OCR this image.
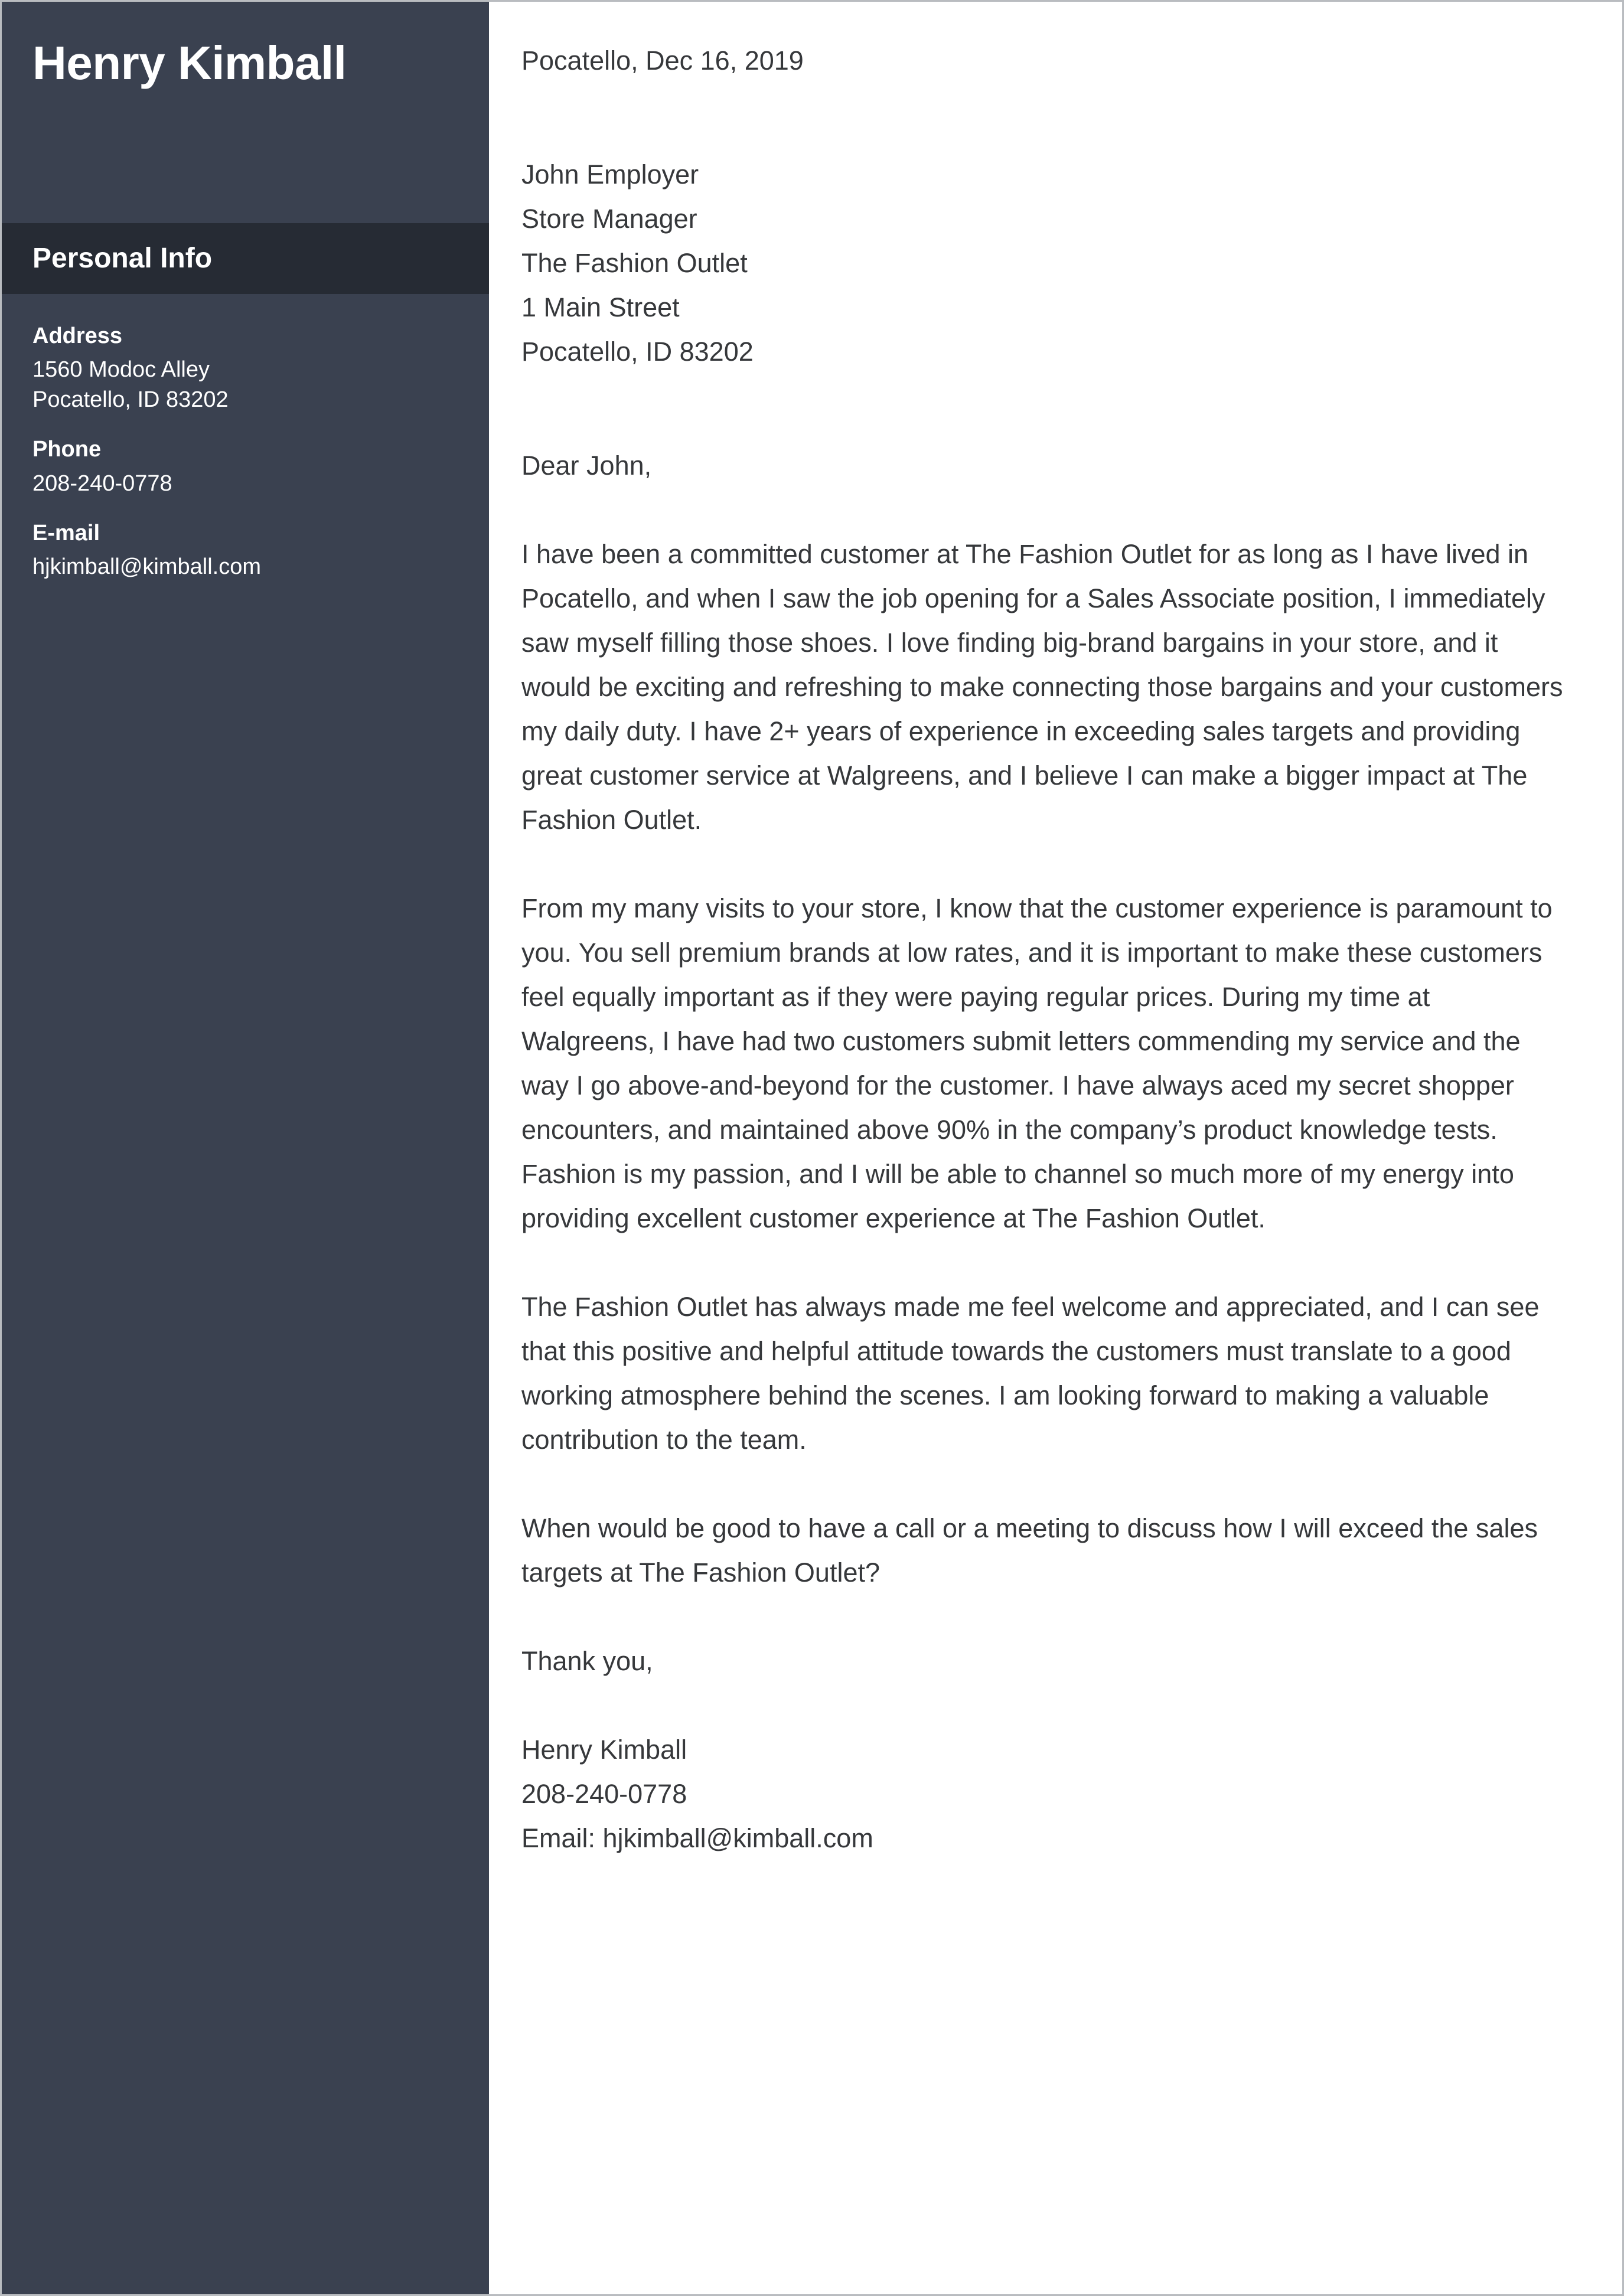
Henry Kimball
Personal Info

Address

1560 Modoc Alley

Pocatello, ID 83202

Phone

208-240-0778

E-mail

hjkimball@kimball.com

Pocatello, Dec 16, 2019

John Employer

Store Manager

The Fashion Outlet

1 Main Street

Pocatello, ID 83202

Dear John,

I have been a committed customer at The Fashion Outlet for as long as I have lived in Pocatello, and when I saw the job opening for a Sales Associate position, I immediately saw myself filling those shoes. I love finding big-brand bargains in your store, and it would be exciting and refreshing to make connecting those bargains and your customers my daily duty. I have 2+ years of experience in exceeding sales targets and providing great customer service at Walgreens, and I believe I can make a bigger impact at The Fashion Outlet.

From my many visits to your store, I know that the customer experience is paramount to you. You sell premium brands at low rates, and it is important to make these customers feel equally important as if they were paying regular prices. During my time at Walgreens, I have had two customers submit letters commending my service and the way I go above-and-beyond for the customer. I have always aced my secret shopper encounters, and maintained above 90% in the company’s product knowledge tests. Fashion is my passion, and I will be able to channel so much more of my energy into providing excellent customer experience at The Fashion Outlet.

The Fashion Outlet has always made me feel welcome and appreciated, and I can see that this positive and helpful attitude towards the customers must translate to a good working atmosphere behind the scenes. I am looking forward to making a valuable contribution to the team.

When would be good to have a call or a meeting to discuss how I will exceed the sales targets at The Fashion Outlet?

Thank you,

Henry Kimball

208-240-0778

Email: hjkimball@kimball.com
